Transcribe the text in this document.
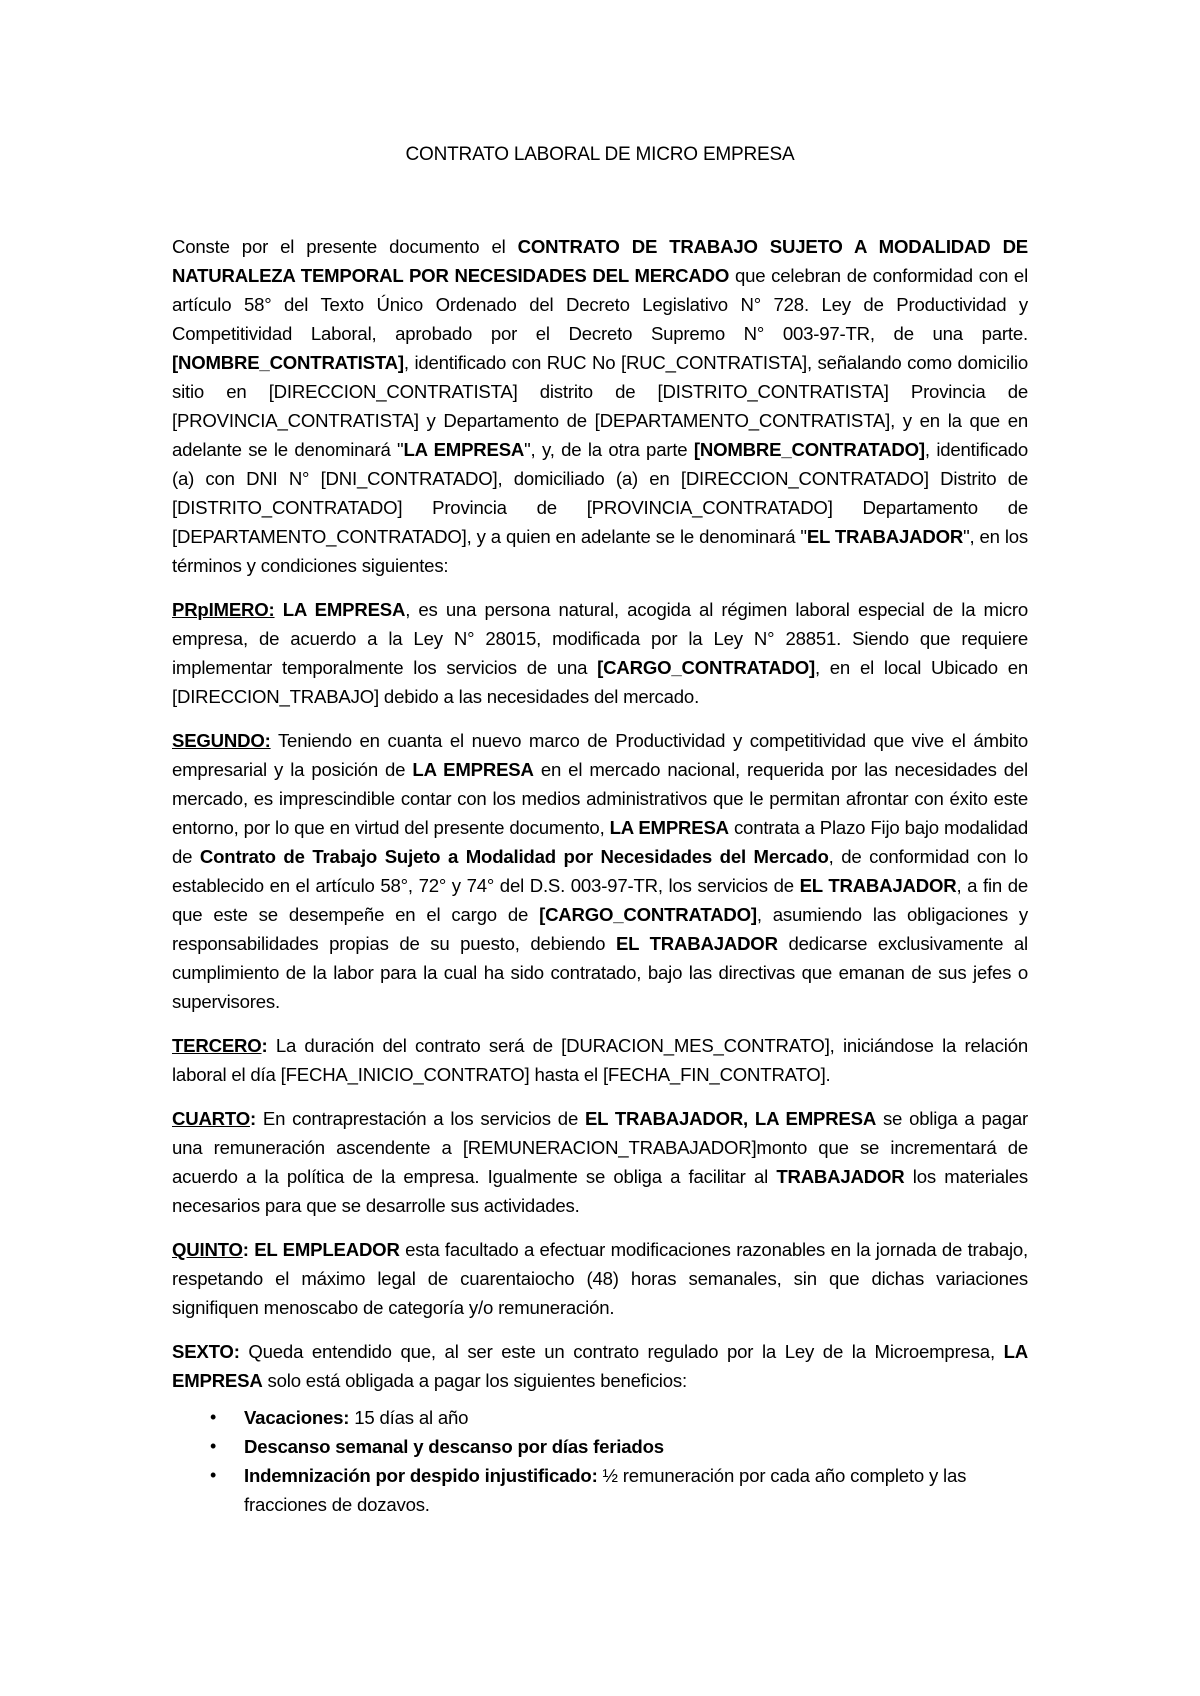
CONTRATO LABORAL DE MICRO EMPRESA

Conste por el presente documento el CONTRATO DE TRABAJO SUJETO A MODALIDAD DE NATURALEZA TEMPORAL POR NECESIDADES DEL MERCADO que celebran de conformidad con el artículo 58° del Texto Único Ordenado del Decreto Legislativo N° 728. Ley de Productividad y Competitividad Laboral, aprobado por el Decreto Supremo N° 003-97-TR, de una parte. [NOMBRE_CONTRATISTA], identificado con RUC No [RUC_CONTRATISTA], señalando como domicilio sitio en [DIRECCION_CONTRATISTA] distrito de [DISTRITO_CONTRATISTA] Provincia de [PROVINCIA_CONTRATISTA] y Departamento de [DEPARTAMENTO_CONTRATISTA], y en la que en adelante se le denominará "LA EMPRESA", y, de la otra parte [NOMBRE_CONTRATADO], identificado (a) con DNI N° [DNI_CONTRATADO], domiciliado (a) en [DIRECCION_CONTRATADO] Distrito de [DISTRITO_CONTRATADO] Provincia de [PROVINCIA_CONTRATADO] Departamento de [DEPARTAMENTO_CONTRATADO], y a quien en adelante se le denominará "EL TRABAJADOR", en los términos y condiciones siguientes:

PRpIMERO: LA EMPRESA, es una persona natural, acogida al régimen laboral especial de la micro empresa, de acuerdo a la Ley N° 28015, modificada por la Ley N° 28851. Siendo que requiere implementar temporalmente los servicios de una [CARGO_CONTRATADO], en el local Ubicado en [DIRECCION_TRABAJO] debido a las necesidades del mercado.

SEGUNDO: Teniendo en cuanta el nuevo marco de Productividad y competitividad que vive el ámbito empresarial y la posición de LA EMPRESA en el mercado nacional, requerida por las necesidades del mercado, es imprescindible contar con los medios administrativos que le permitan afrontar con éxito este entorno, por lo que en virtud del presente documento, LA EMPRESA contrata a Plazo Fijo bajo modalidad de Contrato de Trabajo Sujeto a Modalidad por Necesidades del Mercado, de conformidad con lo establecido en el artículo 58°, 72° y 74° del D.S. 003-97-TR, los servicios de EL TRABAJADOR, a fin de que este se desempeñe en el cargo de [CARGO_CONTRATADO], asumiendo las obligaciones y responsabilidades propias de su puesto, debiendo EL TRABAJADOR dedicarse exclusivamente al cumplimiento de la labor para la cual ha sido contratado, bajo las directivas que emanan de sus jefes o supervisores.

TERCERO: La duración del contrato será de [DURACION_MES_CONTRATO], iniciándose la relación laboral el día [FECHA_INICIO_CONTRATO] hasta el [FECHA_FIN_CONTRATO].

CUARTO: En contraprestación a los servicios de EL TRABAJADOR, LA EMPRESA se obliga a pagar una remuneración ascendente a [REMUNERACION_TRABAJADOR]monto que se incrementará de acuerdo a la política de la empresa. Igualmente se obliga a facilitar al TRABAJADOR los materiales necesarios para que se desarrolle sus actividades.

QUINTO: EL EMPLEADOR esta facultado a efectuar modificaciones razonables en la jornada de trabajo, respetando el máximo legal de cuarentaiocho (48) horas semanales, sin que dichas variaciones signifiquen menoscabo de categoría y/o remuneración.

SEXTO: Queda entendido que, al ser este un contrato regulado por la Ley de la Microempresa, LA EMPRESA solo está obligada a pagar los siguientes beneficios:

• Vacaciones: 15 días al año
• Descanso semanal y descanso por días feriados
• Indemnización por despido injustificado: ½ remuneración por cada año completo y las fracciones de dozavos.
